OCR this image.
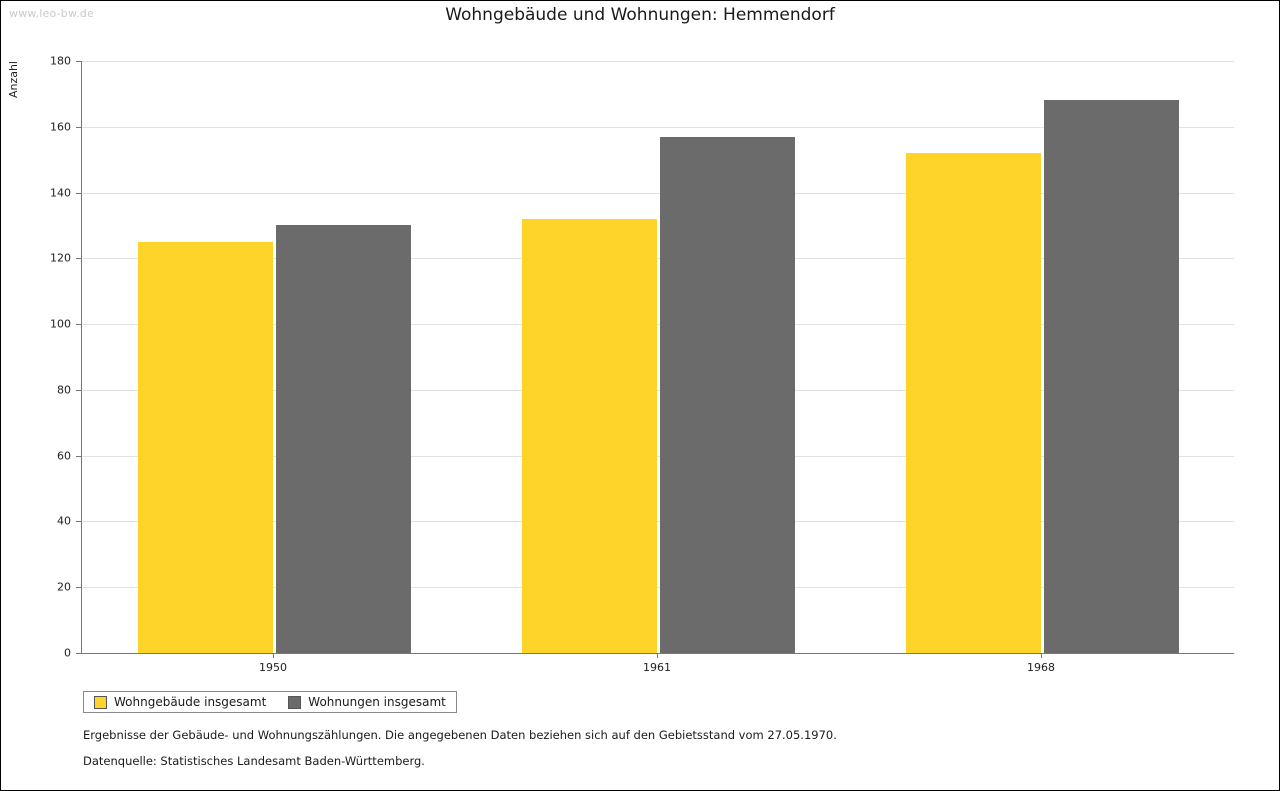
www.leo-bw.de	Wohngebäude und Wohnungen: Hemmendorf
Anzahl
0
20
40
60
80
100
120
140
160
180
1950	1961	1968
Wohngebäude insgesamt	Wohnungen insgesamt
Ergebnisse der Gebäude- und Wohnungszählungen. Die angegebenen Daten beziehen sich auf den Gebietsstand vom 27.05.1970.
Datenquelle: Statistisches Landesamt Baden-Württemberg.
